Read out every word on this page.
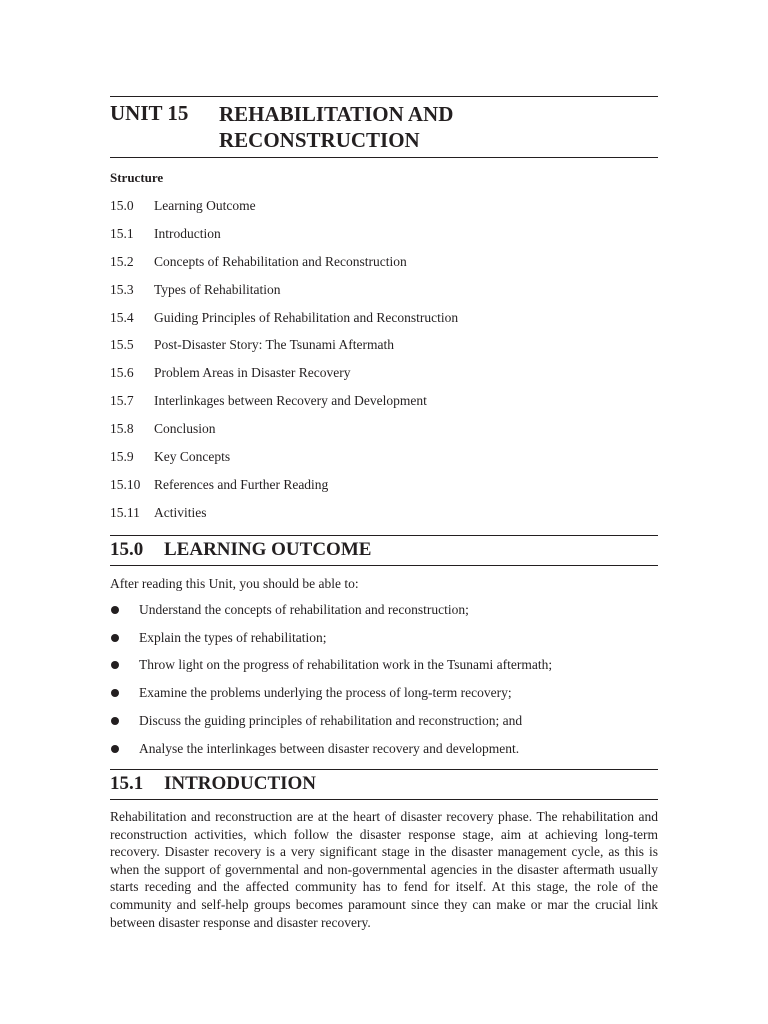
UNIT 15 REHABILITATION AND
RECONSTRUCTION
Structure
15.0	Learning Outcome
15.1	Introduction
15.2	Concepts of Rehabilitation and Reconstruction
15.3	Types of Rehabilitation
15.4	Guiding Principles of Rehabilitation and Reconstruction
15.5	Post-Disaster Story: The Tsunami Aftermath
15.6	Problem Areas in Disaster Recovery
15.7	Interlinkages between Recovery and Development
15.8	Conclusion
15.9	Key Concepts
15.10	References and Further Reading
15.11	Activities
15.0	LEARNING OUTCOME
After reading this Unit, you should be able to:
Understand the concepts of rehabilitation and reconstruction;
Explain the types of rehabilitation;
Throw light on the progress of rehabilitation work in the Tsunami aftermath;
Examine the problems underlying the process of long-term recovery;
Discuss the guiding principles of rehabilitation and reconstruction; and
Analyse the interlinkages between disaster recovery and development.
15.1	INTRODUCTION

Rehabilitation and reconstruction are at the heart of disaster recovery phase. The rehabilitation and reconstruction activities, which follow the disaster response stage, aim at achieving long-term recovery. Disaster recovery is a very significant stage in the disaster management cycle, as this is when the support of governmental and non-governmental agencies in the disaster aftermath usually starts receding and the affected community has to fend for itself. At this stage, the role of the community and self-help groups becomes paramount since they can make or mar the crucial link between disaster response and disaster recovery.
